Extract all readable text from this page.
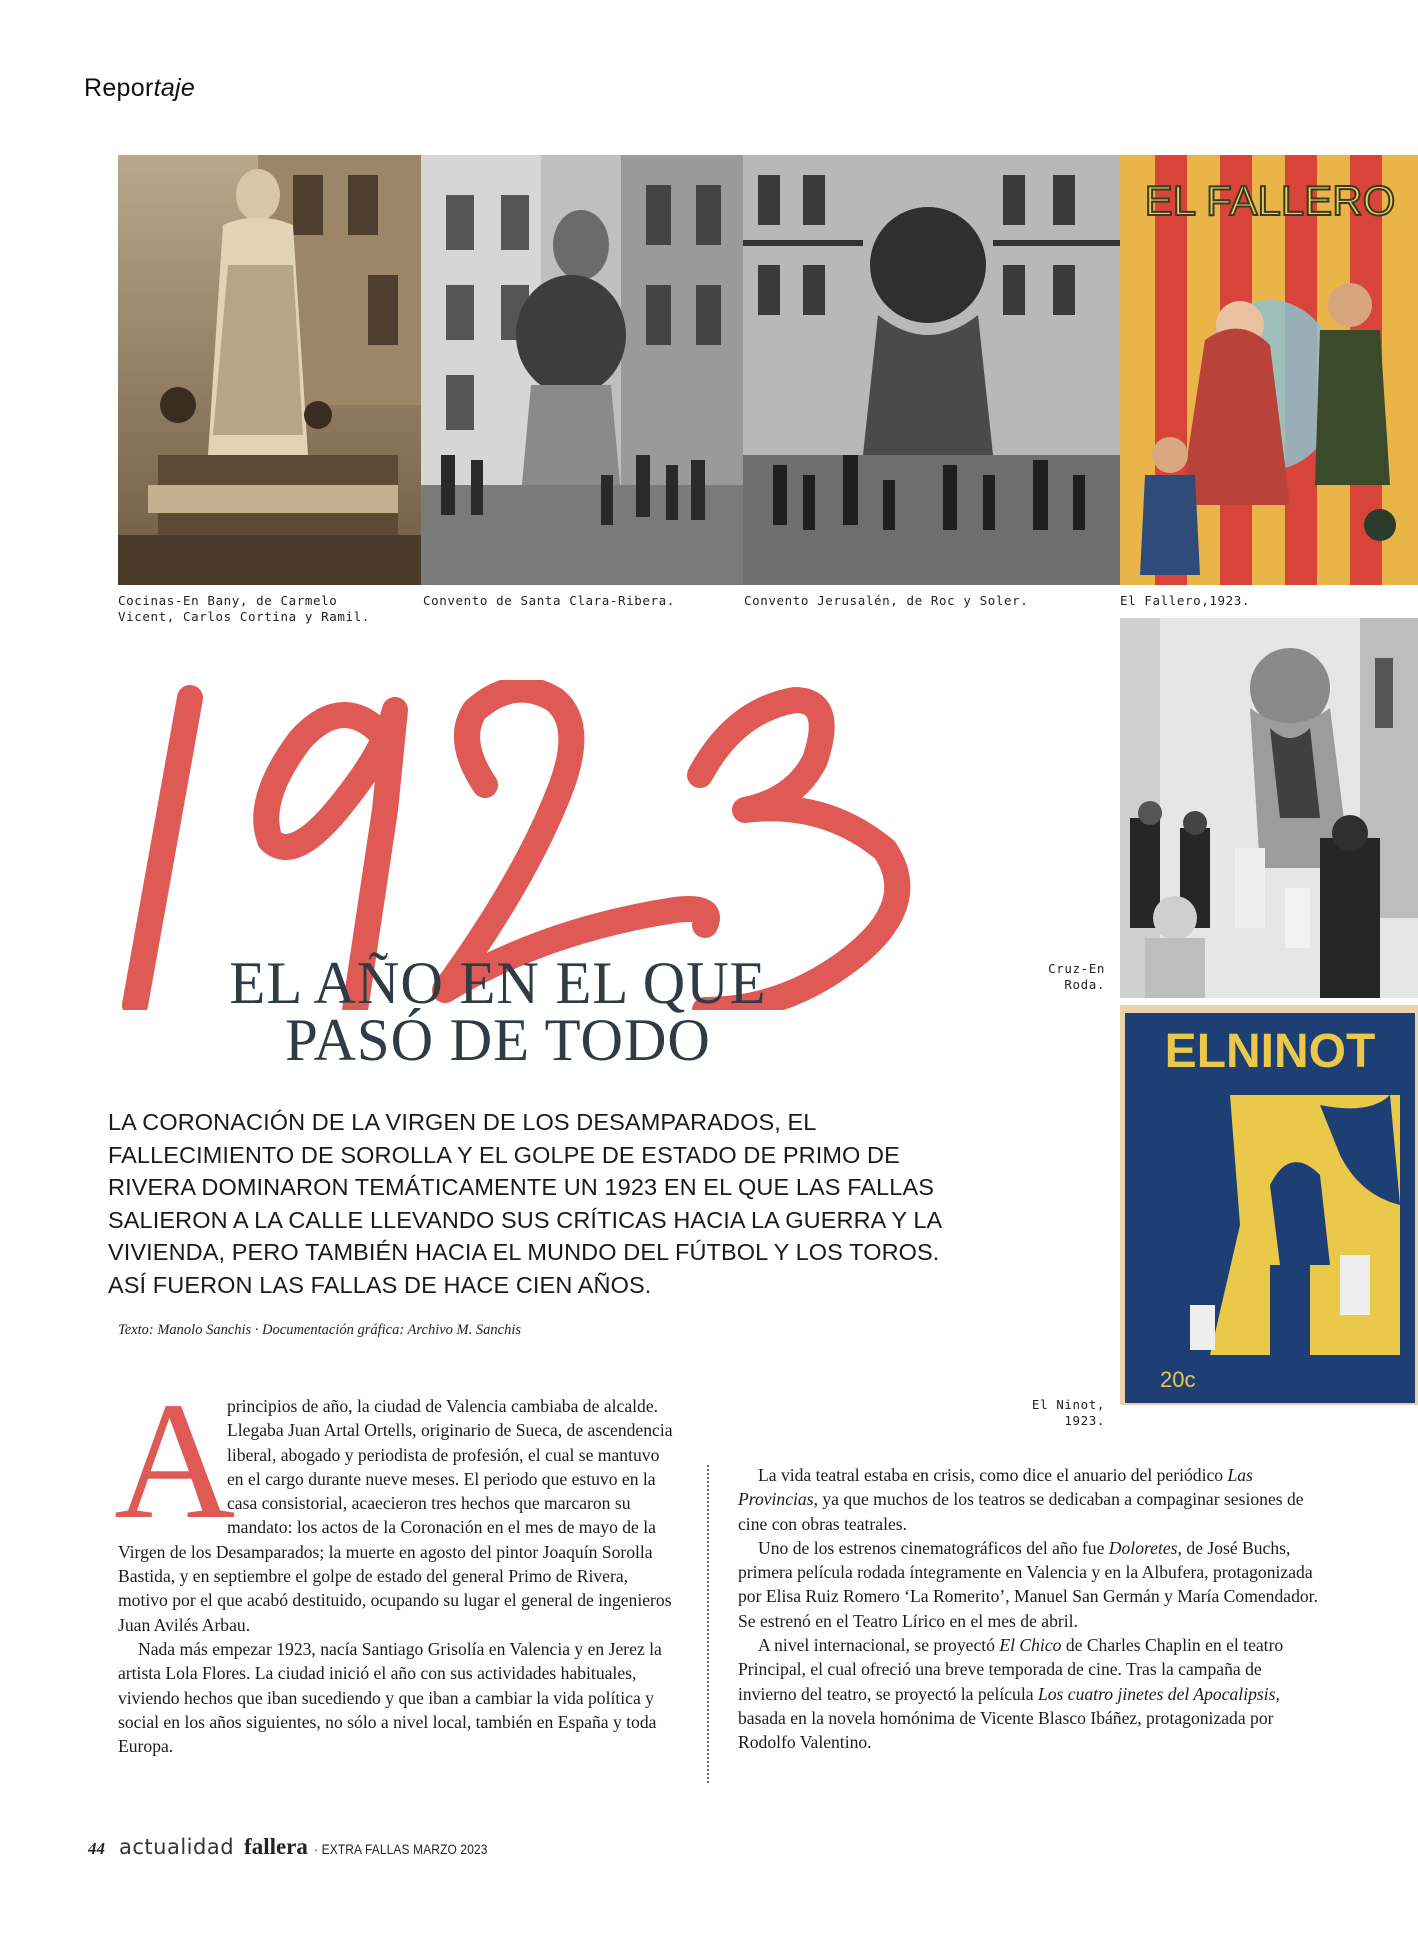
Reportaje
Cocinas-En Bany, de Carmelo
Vicent, Carlos Cortina y Ramil.
Convento de Santa Clara-Ribera.	Convento Jerusalén, de Roc y Soler.
EL FALLERO
El Fallero,1923.
Cruz-En
Roda.
ELNINOT
20c
El Ninot,
1923.
EL AÑO EN EL QUE
PASÓ DE TODO
LA CORONACIÓN DE LA VIRGEN DE LOS DESAMPARADOS, EL FALLECIMIENTO DE SOROLLA Y EL GOLPE DE ESTADO DE PRIMO DE RIVERA DOMINARON TEMÁTICAMENTE UN 1923 EN EL QUE LAS FALLAS SALIERON A LA CALLE LLEVANDO SUS CRÍTICAS HACIA LA GUERRA Y LA VIVIENDA, PERO TAMBIÉN HACIA EL MUNDO DEL FÚTBOL Y LOS TOROS. ASÍ FUERON LAS FALLAS DE HACE CIEN AÑOS.
Texto: Manolo Sanchis · Documentación gráfica: Archivo M. Sanchis

A
principios de año, la ciudad de Valencia cambiaba de alcalde. Llegaba Juan Artal Ortells, originario de Sueca, de ascendencia liberal, abogado y periodista de profesión, el cual se mantuvo en el cargo durante nueve meses. El periodo que estuvo en la casa consistorial, acaecieron tres hechos que marcaron su mandato: los actos de la Coronación en el mes de mayo de la Virgen de los Desamparados; la muerte en agosto del pintor Joaquín Sorolla Bastida, y en septiembre el golpe de estado del general Primo de Rivera, motivo por el que acabó destituido, ocupando su lugar el general de ingenieros Juan Avilés Arbau.

Nada más empezar 1923, nacía Santiago Grisolía en Valencia y en Jerez la artista Lola Flores. La ciudad inició el año con sus actividades habituales, viviendo hechos que iban sucediendo y que iban a cambiar la vida política y social en los años siguientes, no sólo a nivel local, también en España y toda Europa.

La vida teatral estaba en crisis, como dice el anuario del periódico Las Provincias, ya que muchos de los teatros se dedicaban a compaginar sesiones de cine con obras teatrales.

Uno de los estrenos cinematográficos del año fue Doloretes, de José Buchs, primera película rodada íntegramente en Valencia y en la Albufera, protagonizada por Elisa Ruiz Romero ‘La Romerito’, Manuel San Germán y María Comendador. Se estrenó en el Teatro Lírico en el mes de abril.

A nivel internacional, se proyectó El Chico de Charles Chaplin en el teatro Principal, el cual ofreció una breve temporada de cine. Tras la campaña de invierno del teatro, se proyectó la película Los cuatro jinetes del Apocalipsis, basada en la novela homónima de Vicente Blasco Ibáñez, protagonizada por Rodolfo Valentino.

44 actualidad fallera · EXTRA FALLAS MARZO 2023
